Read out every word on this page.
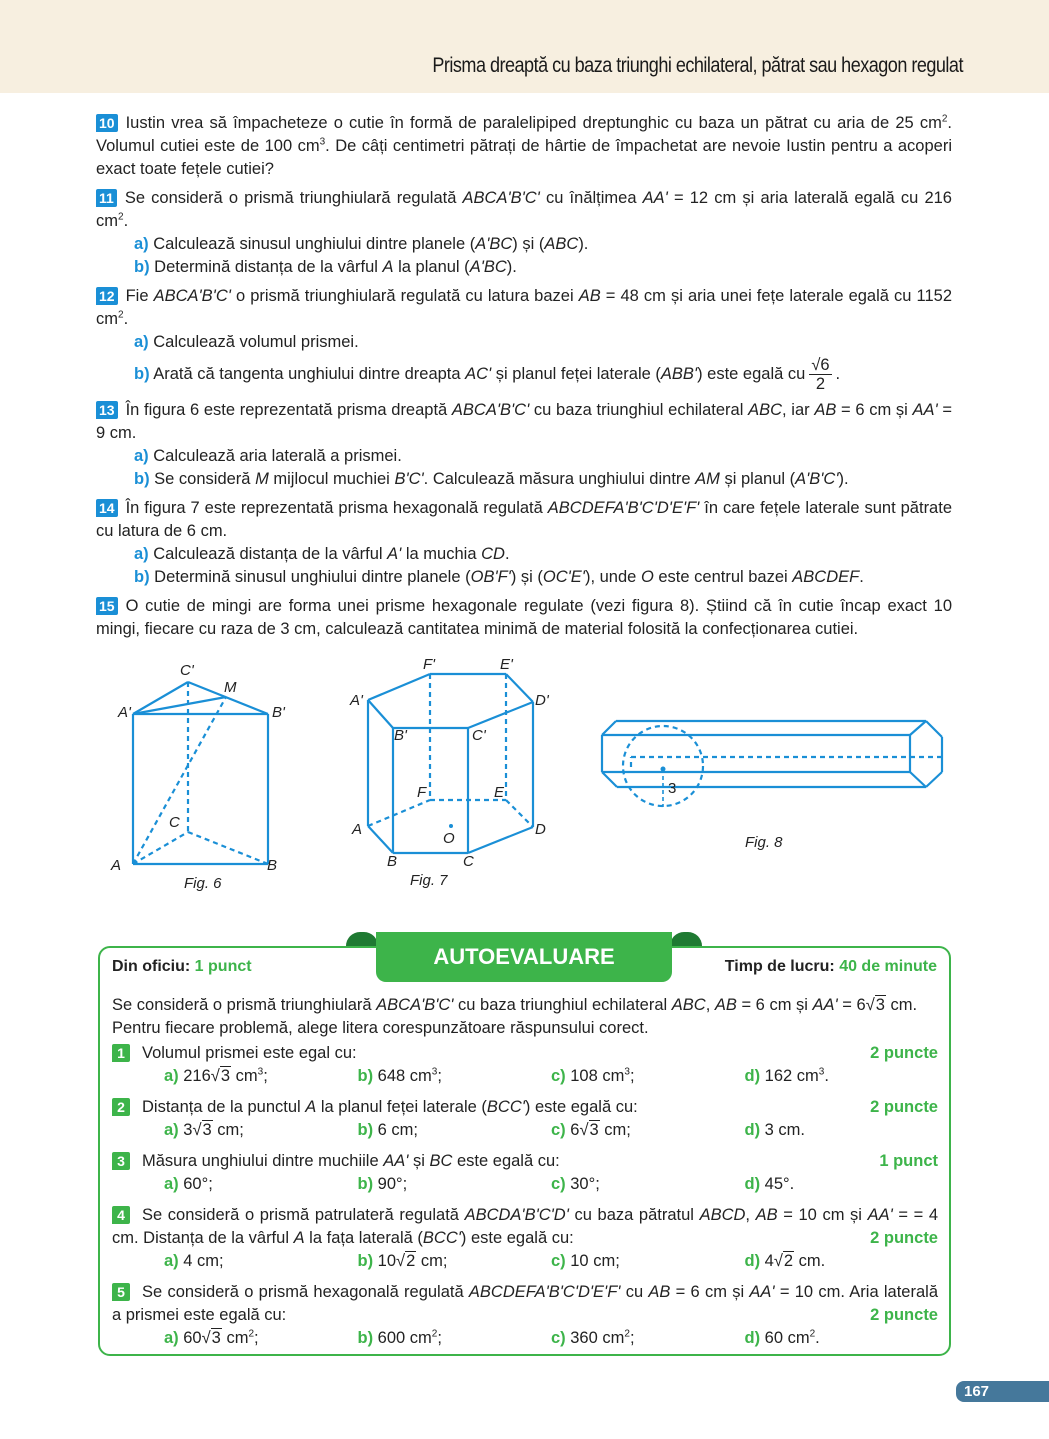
Prisma dreaptă cu baza triunghi echilateral, pătrat sau hexagon regulat
10 Iustin vrea să împacheteze o cutie în formă de paralelipiped dreptunghic cu baza un pătrat cu aria de 25 $cm^2$. Volumul cutiei este de 100 $cm^3$. De câți centimetri pătrați de hârtie de împachetat are nevoie Iustin pentru a acoperi exact toate fețele cutiei?
11 Se consideră o prismă triunghiulară regulată ABCA'B'C' cu înălțimea AA' = 12 cm și aria laterală egală cu 216 $cm^2$.
a) Calculează sinusul unghiului dintre planele (A'BC) și (ABC).
b) Determină distanța de la vârful A la planul (A'BC).
12 Fie ABCA'B'C' o prismă triunghiulară regulată cu latura bazei AB = 48 cm și aria unei fețe laterale egală cu 1152 $cm^2$.
a) Calculează volumul prismei.
b) Arată că tangenta unghiului dintre dreapta AC' și planul feței laterale (ABB') este egală cu $\frac{√6}{2}$ .
13 În figura 6 este reprezentată prisma dreaptă ABCA'B'C' cu baza triunghiul echilateral ABC, iar AB = 6 cm și AA' = 9 cm.
a) Calculează aria laterală a prismei.
b) Se consideră M mijlocul muchiei B'C'. Calculează măsura unghiului dintre AM și planul (A'B'C').
14 În figura 7 este reprezentată prisma hexagonală regulată ABCDEFA'B'C'D'E'F' în care fețele laterale sunt pătrate cu latura de 6 cm.
a) Calculează distanța de la vârful A' la muchia CD.
b) Determină sinusul unghiului dintre planele (OB'F') și (OC'E'), unde O este centrul bazei ABCDEF.
15 O cutie de mingi are forma unei prisme hexagonale regulate (vezi figura 8). Știind că în cutie încap exact 10 mingi, fiecare cu raza de 3 cm, calculează cantitatea minimă de material folosită la confecționarea cutiei.
C'
M
A'	B'
C
A	B
Fig. 6
F'	E'
A'	D'
B'	C'
F	E
A
O
D
B	C
Fig. 7
3
Fig. 8
AUTOEVALUARE
Din oficiu: 1 punct	Timp de lucru: 40 de minute
Se consideră o prismă triunghiulară ABCA'B'C' cu baza triunghiul echilateral ABC, AB = 6 cm și AA' = 6√3 cm.
Pentru fiecare problemă, alege litera corespunzătoare răspunsului corect.
1 Volumul prismei este egal cu:	2 puncte
a) 216√3 $cm^3$;	b) 648 $cm^3$;	c) 108 $cm^3$;	d) 162 $cm^3$.
2 Distanța de la punctul A la planul feței laterale (BCC') este egală cu:	2 puncte
a) 3√3 cm;	b) 6 cm;	c) 6√3 cm;	d) 3 cm.
3 Măsura unghiului dintre muchiile AA' și BC este egală cu:	1 punct
a) 60°;	b) 90°;	c) 30°;	d) 45°.
4 Se consideră o prismă patrulateră regulată ABCDA'B'C'D' cu baza pătratul ABCD, AB = 10 cm și AA' = = 4 cm. Distanța de la vârful A la fața laterală (BCC') este egală cu:	2 puncte
a) 4 cm;	b) 10√2 cm;	c) 10 cm;	d) 4√2 cm.
5 Se consideră o prismă hexagonală regulată ABCDEFA'B'C'D'E'F' cu AB = 6 cm și AA' = 10 cm. Aria laterală a prismei este egală cu:	2 puncte
a) 60√3 $cm^2$;	b) 600 $cm^2$;	c) 360 $cm^2$;	d) 60 $cm^2$.
167
